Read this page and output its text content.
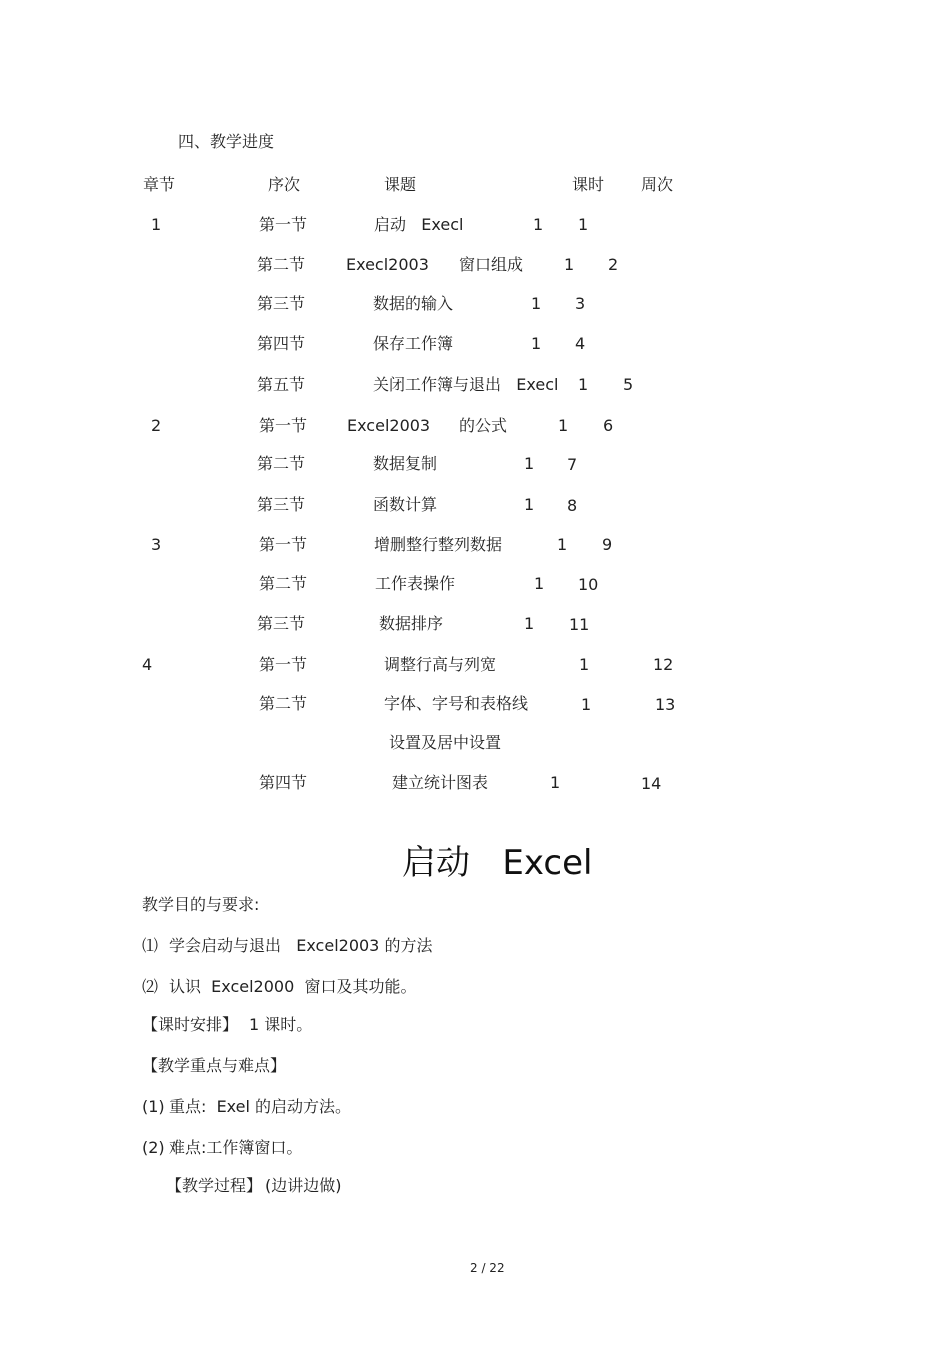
四、教学进度
章节	序次	课题	课时 周次
1	第一节	启动   Execl	1 1
第二节	Execl2003 窗口组成	1 2
第三节	数据的输入	1 3
第四节	保存工作簿	1 4
第五节	关闭工作簿与退出   Execl 1 5
2	第一节 Excel2003 的公式	1 6
第二节	数据复制	1 7
第三节	函数计算	1 8
3	第一节	增删整行整列数据	1 9
第二节	工作表操作	1 10
第三节	数据排序	1 11
4	第一节	调整行高与列宽	1	12
第二节	字体、字号和表格线	1	13
设置及居中设置
第四节	建立统计图表	1	14
启动   Excel
教学目的与要求:
⑴ 学会启动与退出   Excel2003 的方法
⑵ 认识  Excel2000  窗口及其功能。
【课时安排】 1 课时。
【教学重点与难点】
(1) 重点:  Exel 的启动方法。
(2) 难点:工作簿窗口。
【教学过程】 (边讲边做)
2 / 22
